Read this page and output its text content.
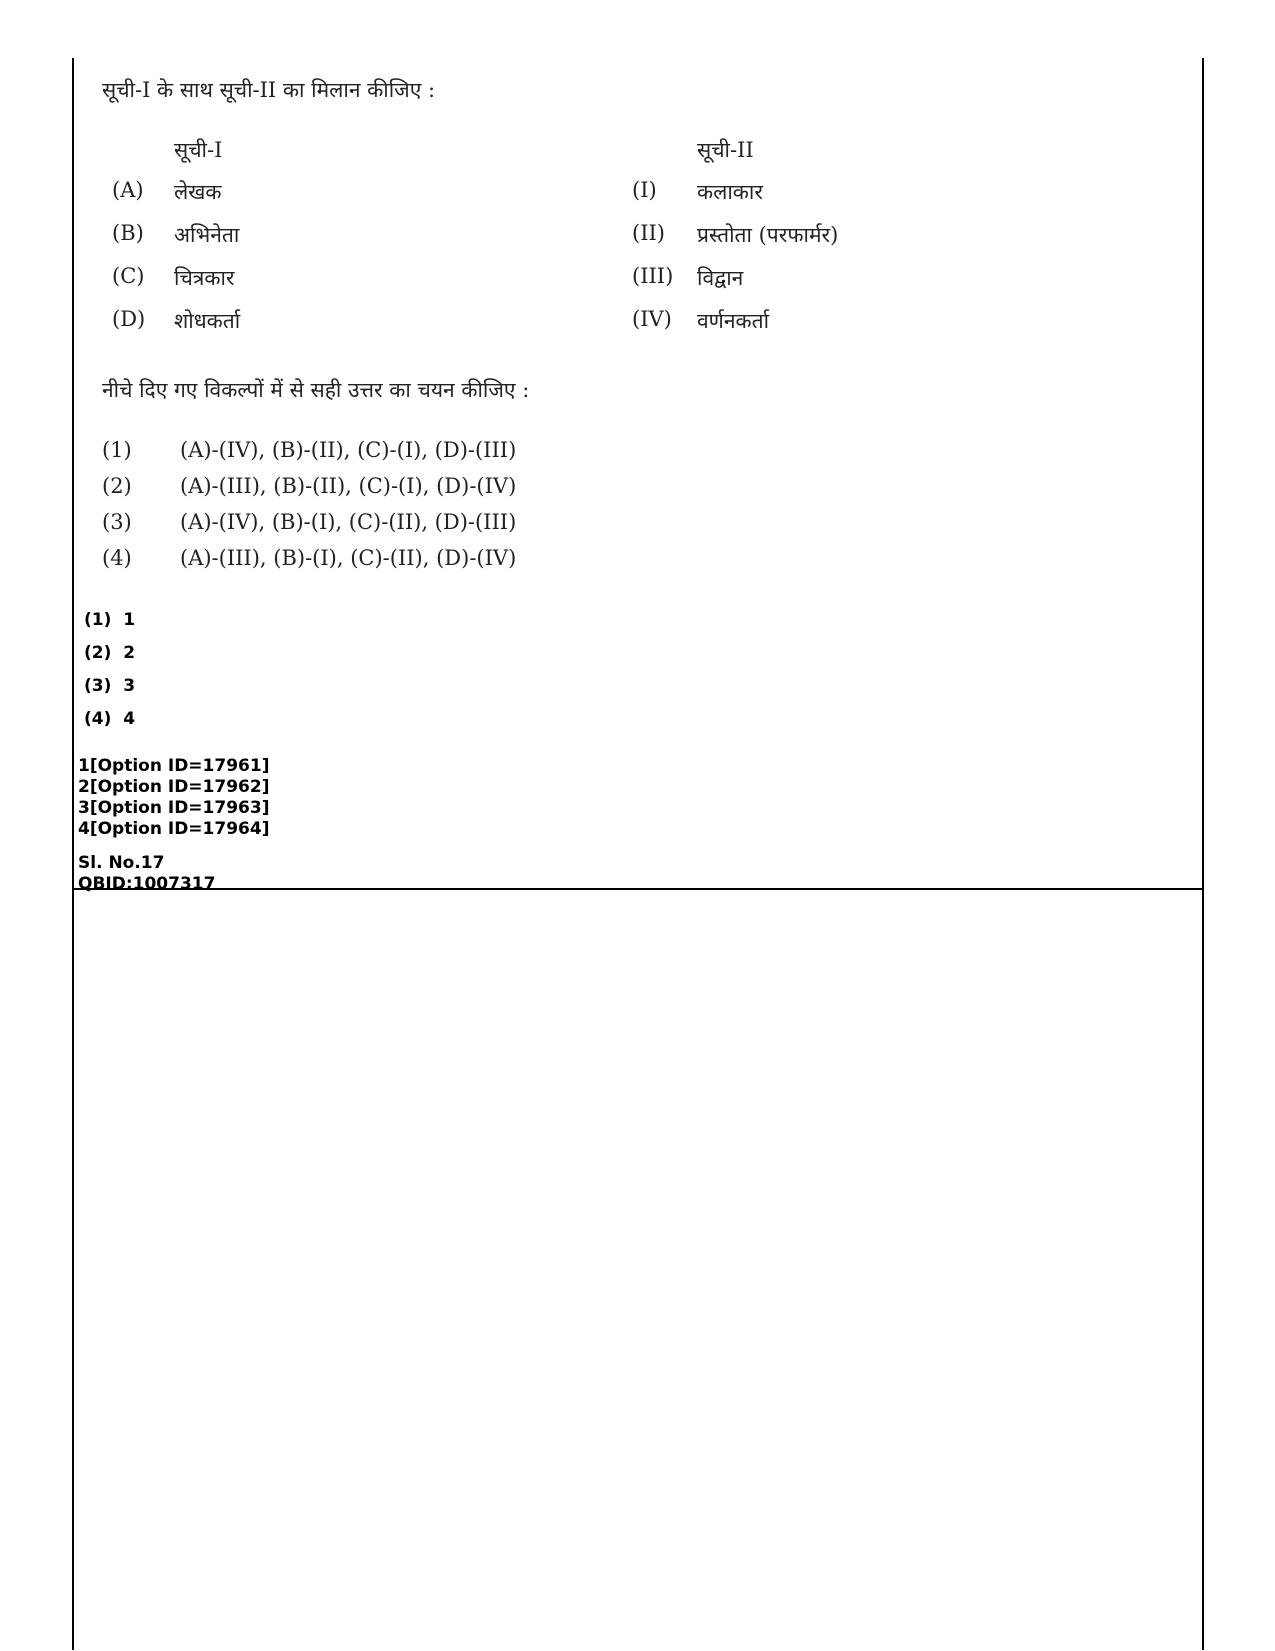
सूची-I के साथ सूची-II का मिलान कीजिए :
सूची-I	सूची-II
(A) लेखक	(I) कलाकार
(B) अभिनेता	(II) प्रस्तोता (परफार्मर)
(C) चित्रकार	(III) विद्वान
(D) शोधकर्ता	(IV) वर्णनकर्ता
नीचे दिए गए विकल्पों में से सही उत्तर का चयन कीजिए :
(1) (A)-(IV), (B)-(II), (C)-(I), (D)-(III)
(2) (A)-(III), (B)-(II), (C)-(I), (D)-(IV)
(3) (A)-(IV), (B)-(I), (C)-(II), (D)-(III)
(4) (A)-(III), (B)-(I), (C)-(II), (D)-(IV)
(1) 1
(2) 2
(3) 3
(4) 4
1[Option ID=17961]
2[Option ID=17962]
3[Option ID=17963]
4[Option ID=17964]
Sl. No.17
QBID:1007317
